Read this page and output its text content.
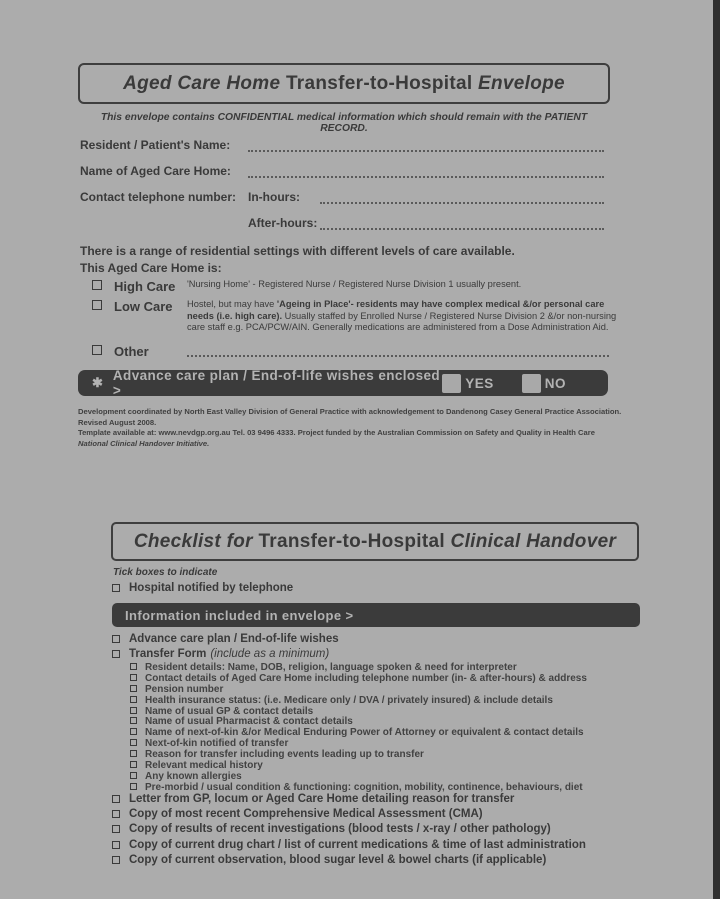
Aged Care Home Transfer-to-Hospital Envelope
This envelope contains CONFIDENTIAL medical information which should remain with the PATIENT RECORD.
Resident / Patient's Name:
Name of Aged Care Home:
Contact telephone number: In-hours:
After-hours:
There is a range of residential settings with different levels of care available.
This Aged Care Home is:
High Care	'Nursing Home' - Registered Nurse / Registered Nurse Division 1 usually present.
Low Care	Hostel, but may have 'Ageing in Place'- residents may have complex medical &/or personal care needs (i.e. high care). Usually staffed by Enrolled Nurse / Registered Nurse Division 2 &/or non-nursing care staff e.g. PCA/PCW/AIN. Generally medications are administered from a Dose Administration Aid.
Other
✱ Advance care plan / End-of-life wishes enclosed >	YES	NO
Development coordinated by North East Valley Division of General Practice with acknowledgement to Dandenong Casey General Practice Association. Revised August 2008.
Template available at: www.nevdgp.org.au Tel. 03 9496 4333. Project funded by the Australian Commission on Safety and Quality in Health Care National Clinical Handover Initiative.
Checklist for Transfer-to-Hospital Clinical Handover
Tick boxes to indicate
Hospital notified by telephone
Information included in envelope >
Advance care plan / End-of-life wishes
Transfer Form (include as a minimum)
Resident details: Name, DOB, religion, language spoken & need for interpreter
Contact details of Aged Care Home including telephone number (in- & after-hours) & address
Pension number
Health insurance status: (i.e. Medicare only / DVA / privately insured) & include details
Name of usual GP & contact details
Name of usual Pharmacist & contact details
Name of next-of-kin &/or Medical Enduring Power of Attorney or equivalent & contact details
Next-of-kin notified of transfer
Reason for transfer including events leading up to transfer
Relevant medical history
Any known allergies
Pre-morbid / usual condition & functioning: cognition, mobility, continence, behaviours, diet
Letter from GP, locum or Aged Care Home detailing reason for transfer
Copy of most recent Comprehensive Medical Assessment (CMA)
Copy of results of recent investigations (blood tests / x-ray / other pathology)
Copy of current drug chart / list of current medications & time of last administration
Copy of current observation, blood sugar level & bowel charts (if applicable)
